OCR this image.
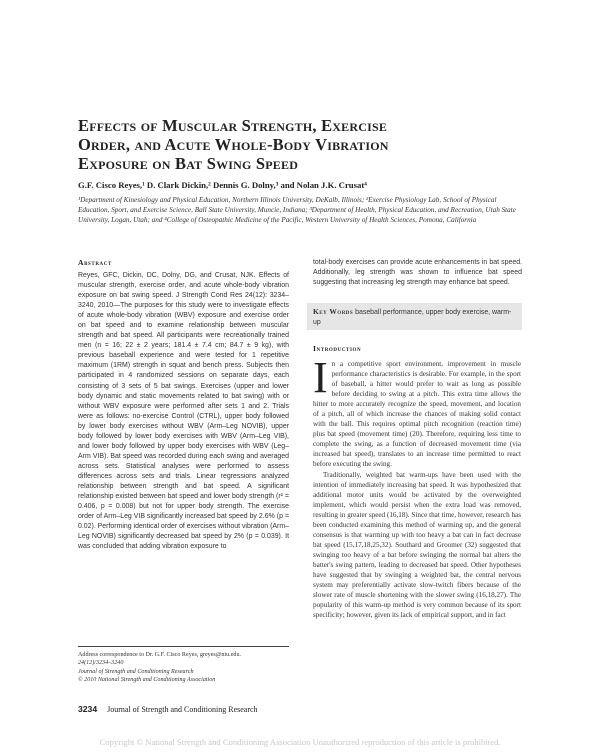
Effects of Muscular Strength, Exercise
Order, and Acute Whole-Body Vibration
Exposure on Bat Swing Speed
G.F. Cisco Reyes,¹ D. Clark Dickin,² Dennis G. Dolny,³ and Nolan J.K. Crusat⁴
¹Department of Kinesiology and Physical Education, Northern Illinois University, DeKalb, Illinois; ²Exercise Physiology Lab, School of Physical Education, Sport, and Exercise Science, Ball State University, Muncie, Indiana; ³Department of Health, Physical Education, and Recreation, Utah State University, Logan, Utah; and ⁴College of Osteopathic Medicine of the Pacific, Western University of Health Sciences, Pomona, California
Abstract
Reyes, GFC, Dickin, DC, Dolny, DG, and Crusat, NJK. Effects of muscular strength, exercise order, and acute whole-body vibration exposure on bat swing speed. J Strength Cond Res 24(12): 3234–3240, 2010—The purposes for this study were to investigate effects of acute whole-body vibration (WBV) exposure and exercise order on bat speed and to examine relationship between muscular strength and bat speed. All participants were recreationally trained men (n = 16; 22 ± 2 years; 181.4 ± 7.4 cm; 84.7 ± 9 kg), with previous baseball experience and were tested for 1 repetitive maximum (1RM) strength in squat and bench press. Subjects then participated in 4 randomized sessions on separate days, each consisting of 3 sets of 5 bat swings. Exercises (upper and lower body dynamic and static movements related to bat swing) with or without WBV exposure were performed after sets 1 and 2. Trials were as follows: no-exercise Control (CTRL), upper body followed by lower body exercises without WBV (Arm–Leg NOVIB), upper body followed by lower body exercises with WBV (Arm–Leg VIB), and lower body followed by upper body exercises with WBV (Leg–Arm VIB). Bat speed was recorded during each swing and averaged across sets. Statistical analyses were performed to assess differences across sets and trials. Linear regressions analyzed relationship between strength and bat speed. A significant relationship existed between bat speed and lower body strength (r² = 0.406, p = 0.008) but not for upper body strength. The exercise order of Arm–Leg VIB significantly increased bat speed by 2.6% (p = 0.02). Performing identical order of exercises without vibration (Arm–Leg NOVIB) significantly decreased bat speed by 2% (p = 0.039). It was concluded that adding vibration exposure to
total-body exercises can provide acute enhancements in bat speed. Additionally, leg strength was shown to influence bat speed suggesting that increasing leg strength may enhance bat speed.
Key Words baseball performance, upper body exercise, warm-up
Introduction

In a competitive sport environment, improvement in muscle performance characteristics is desirable. For example, in the sport of baseball, a hitter would prefer to wait as long as possible before deciding to swing at a pitch. This extra time allows the hitter to more accurately recognize the speed, movement, and location of a pitch, all of which increase the chances of making solid contact with the ball. This requires optimal pitch recognition (reaction time) plus bat speed (movement time) (20). Therefore, requiring less time to complete the swing, as a function of decreased movement time (via increased bat speed), translates to an increase time permitted to react before executing the swing.

Traditionally, weighted bat warm-ups have been used with the intention of immediately increasing bat speed. It was hypothesized that additional motor units would be activated by the overweighted implement, which would persist when the extra load was removed, resulting in greater speed (16,18). Since that time, however, research has been conducted examining this method of warming up, and the general consensus is that warming up with too heavy a bat can in fact decrease bat speed (15,17,18,25,32). Southard and Groomer (32) suggested that swinging too heavy of a bat before swinging the normal bat alters the batter's swing pattern, leading to decreased bat speed. Other hypotheses have suggested that by swinging a weighted bat, the central nervous system may preferentially activate slow-twitch fibers because of the slower rate of muscle shortening with the slower swing (16,18,27). The popularity of this warm-up method is very common because of its sport specificity; however, given its lack of empirical support, and in fact

Address correspondence to Dr. G.F. Cisco Reyes, greyes@niu.edu.
24(12)/3234–3240
Journal of Strength and Conditioning Research
© 2010 National Strength and Conditioning Association
3234 Journal of Strength and Conditioning Research
Copyright © National Strength and Conditioning Association Unauthorized reproduction of this article is prohibited.
